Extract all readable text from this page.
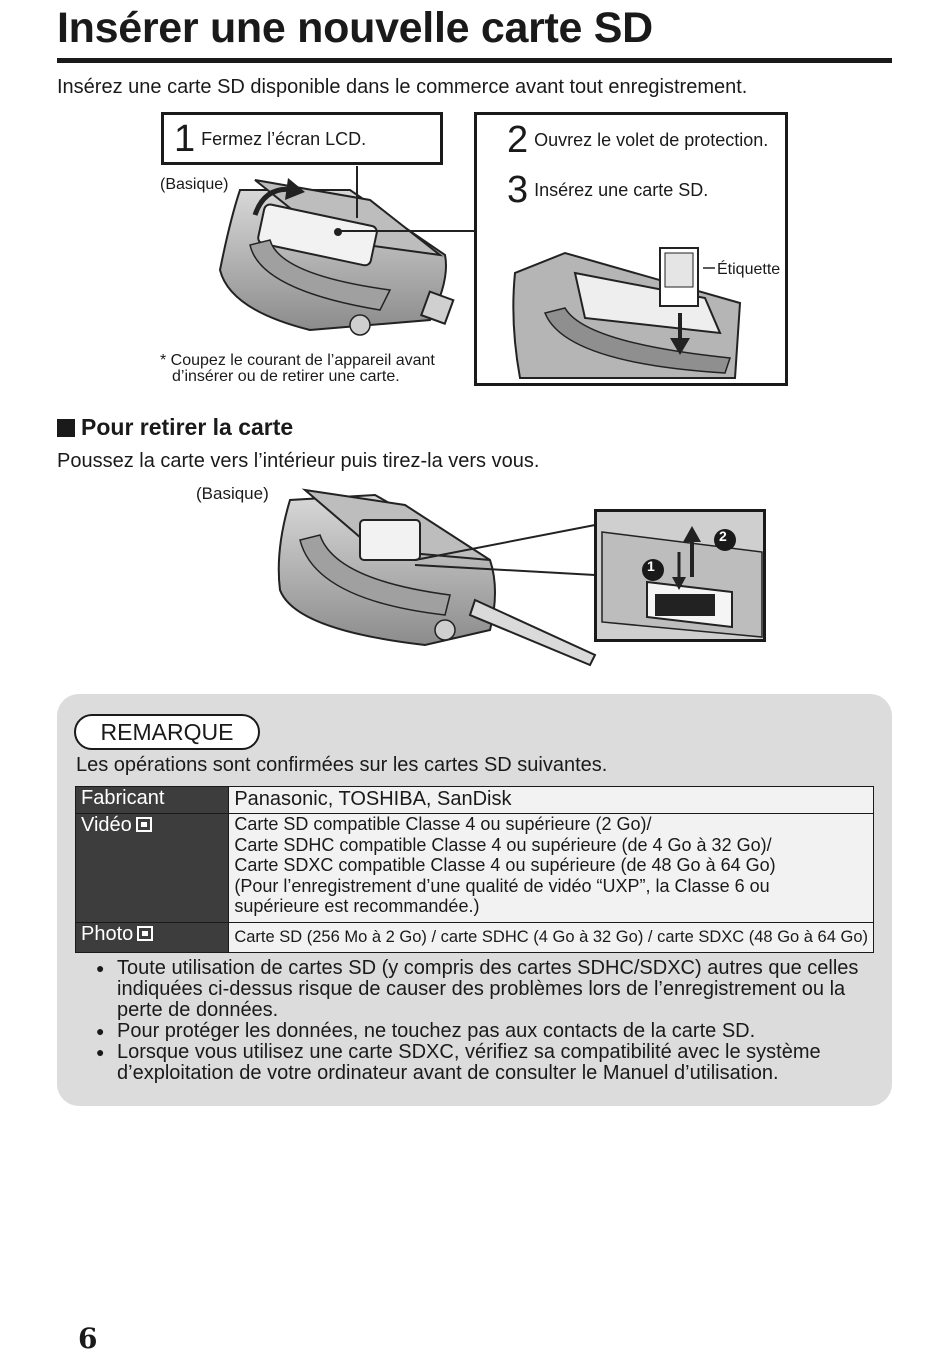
Insérer une nouvelle carte SD
Insérez une carte SD disponible dans le commerce avant tout enregistrement.
1 Fermez l’écran LCD.
(Basique)
* Coupez le courant de l’appareil avant
d’insérer ou de retirer une carte.
2 Ouvrez le volet de protection.
3 Insérez une carte SD.
Étiquette
Pour retirer la carte
Poussez la carte vers l’intérieur puis tirez-la vers vous.
(Basique)
1
2
REMARQUE
Les opérations sont confirmées sur les cartes SD suivantes.
Fabricant	Panasonic, TOSHIBA, SanDisk
Vidéo	Carte SD compatible Classe 4 ou supérieure (2 Go)/
Carte SDHC compatible Classe 4 ou supérieure (de 4 Go à 32 Go)/
Carte SDXC compatible Classe 4 ou supérieure (de 48 Go à 64 Go)
(Pour l’enregistrement d’une qualité de vidéo “UXP”, la Classe 6 ou
supérieure est recommandée.)

Photo	Carte SD (256 Mo à 2 Go) / carte SDHC (4 Go à 32 Go) / carte SDXC (48 Go à 64 Go)
● Toute utilisation de cartes SD (y compris des cartes SDHC/SDXC) autres que celles indiquées ci-dessus risque de causer des problèmes lors de l’enregistrement ou la perte de données.
● Pour protéger les données, ne touchez pas aux contacts de la carte SD.
● Lorsque vous utilisez une carte SDXC, vérifiez sa compatibilité avec le système d’exploitation de votre ordinateur avant de consulter le Manuel d’utilisation.
6
